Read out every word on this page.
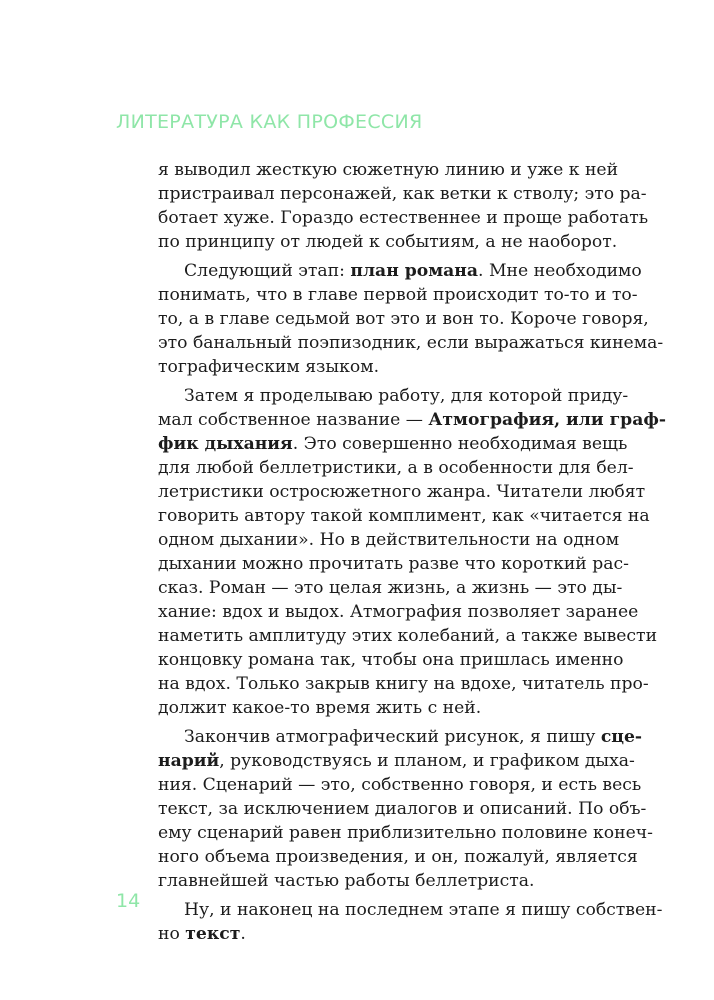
ЛИТЕРАТУРА КАК ПРОФЕССИЯ
я выводил жесткую сюжетную линию и уже к ней
пристраивал персонажей, как ветки к стволу; это ра-
ботает хуже. Гораздо естественнее и проще работать
по принципу от людей к событиям, а не наоборот.
Следующий этап: план романа. Мне необходимо
понимать, что в главе первой происходит то-то и то-
то, а в главе седьмой вот это и вон то. Короче говоря,
это банальный поэпизодник, если выражаться кинема-
тографическим языком.
Затем я проделываю работу, для которой приду-
мал собственное название — Атмография, или граф-
фик дыхания. Это совершенно необходимая вещь
для любой беллетристики, а в особенности для бел-
летристики остросюжетного жанра. Читатели любят
говорить автору такой комплимент, как «читается на
одном дыхании». Но в действительности на одном
дыхании можно прочитать разве что короткий рас-
сказ. Роман — это целая жизнь, а жизнь — это ды-
хание: вдох и выдох. Атмография позволяет заранее
наметить амплитуду этих колебаний, а также вывести
концовку романа так, чтобы она пришлась именно
на вдох. Только закрыв книгу на вдохе, читатель про-
должит какое-то время жить с ней.
Закончив атмографический рисунок, я пишу сце-
нарий, руководствуясь и планом, и графиком дыха-
ния. Сценарий — это, собственно говоря, и есть весь
текст, за исключением диалогов и описаний. По объ-
ему сценарий равен приблизительно половине конеч-
ного объема произведения, и он, пожалуй, является
главнейшей частью работы беллетриста.
Ну, и наконец на последнем этапе я пишу собствен-
но текст.
14
